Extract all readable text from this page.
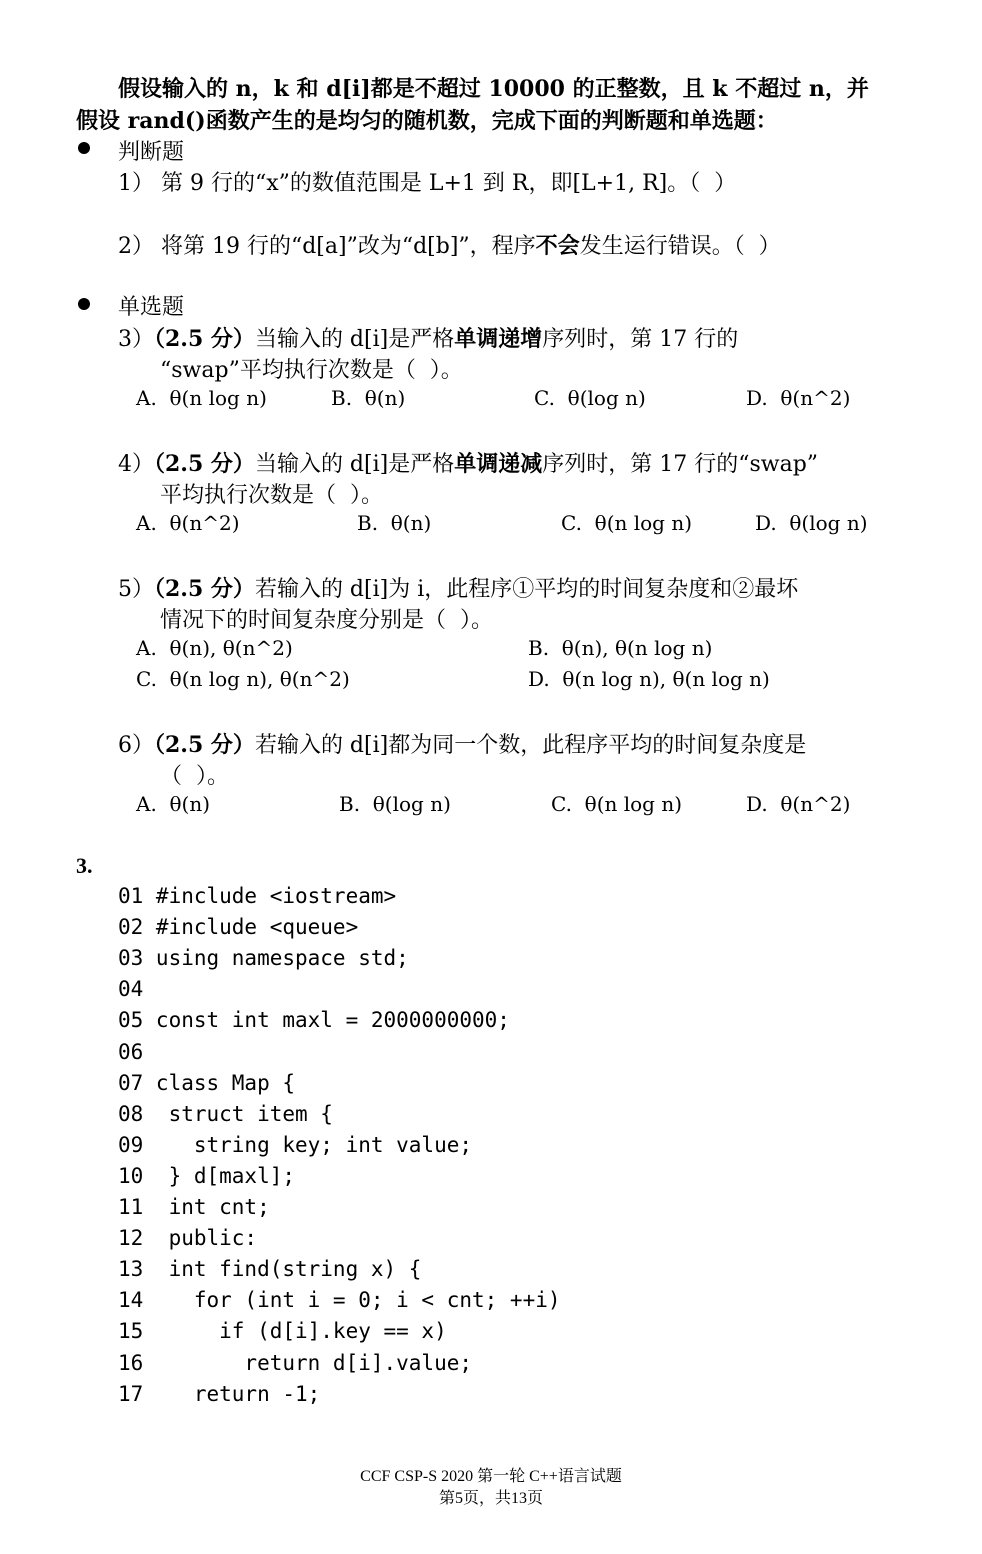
假设输入的 n，k 和 d[i]都是不超过 10000 的正整数，且 k 不超过 n，并
假设 rand()函数产生的是均匀的随机数，完成下面的判断题和单选题：
判断题
1） 第 9 行的“x”的数值范围是 L+1 到 R，即[L+1, R]。（  ）
2） 将第 19 行的“d[a]”改为“d[b]”，程序不会发生运行错误。（  ）
单选题
3）（2.5 分）当输入的 d[i]是严格单调递增序列时，第 17 行的
“swap”平均执行次数是（  ）。
A.  θ(n log n)	B.  θ(n)	C.  θ(log n)	D.  θ(n^2)
4）（2.5 分）当输入的 d[i]是严格单调递减序列时，第 17 行的“swap”
平均执行次数是（  ）。
A.  θ(n^2)	B.  θ(n)	C.  θ(n log n)	D.  θ(log n)
5）（2.5 分）若输入的 d[i]为 i，此程序①平均的时间复杂度和②最坏
情况下的时间复杂度分别是（  ）。
A.  θ(n), θ(n^2)	B.  θ(n), θ(n log n)
C.  θ(n log n), θ(n^2)	D.  θ(n log n), θ(n log n)
6）（2.5 分）若输入的 d[i]都为同一个数，此程序平均的时间复杂度是
（  ）。
A.  θ(n)	B.  θ(log n)	C.  θ(n log n)	D.  θ(n^2)
3.
01 #include <iostream>
02 #include <queue>
03 using namespace std;
04
05 const int maxl = 2000000000;
06
07 class Map {
08  struct item {
09    string key; int value;
10  } d[maxl];
11  int cnt;
12  public:
13  int find(string x) {
14    for (int i = 0; i < cnt; ++i)
15      if (d[i].key == x)
16        return d[i].value;
17    return -1;
CCF CSP-S 2020 第一轮 C++语言试题
第5页，共13页
